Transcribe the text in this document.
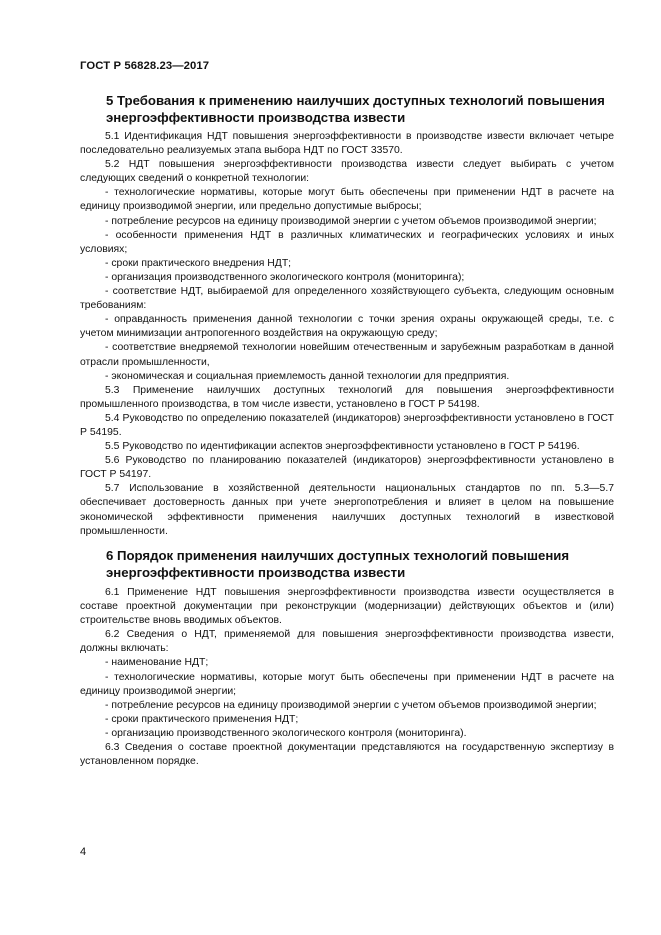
ГОСТ Р 56828.23—2017
5 Требования к применению наилучших доступных технологий повышения энергоэффективности производства извести

5.1 Идентификация НДТ повышения энергоэффективности в производстве извести включает четыре последовательно реализуемых этапа выбора НДТ по ГОСТ 33570.

5.2 НДТ повышения энергоэффективности производства извести следует выбирать с учетом следующих сведений о конкретной технологии:

- технологические нормативы, которые могут быть обеспечены при применении НДТ в расчете на единицу производимой энергии, или предельно допустимые выбросы;

- потребление ресурсов на единицу производимой энергии с учетом объемов производимой энергии;

- особенности применения НДТ в различных климатических и географических условиях и иных условиях;

- сроки практического внедрения НДТ;

- организация производственного экологического контроля (мониторинга);

- соответствие НДТ, выбираемой для определенного хозяйствующего субъекта, следующим основным требованиям:

- оправданность применения данной технологии с точки зрения охраны окружающей среды, т.е. с учетом минимизации антропогенного воздействия на окружающую среду;

- соответствие внедряемой технологии новейшим отечественным и зарубежным разработкам в данной отрасли промышленности,

- экономическая и социальная приемлемость данной технологии для предприятия.

5.3 Применение наилучших доступных технологий для повышения энергоэффективности промышленного производства, в том числе извести, установлено в ГОСТ Р 54198.

5.4 Руководство по определению показателей (индикаторов) энергоэффективности установлено в ГОСТ Р 54195.

5.5 Руководство по идентификации аспектов энергоэффективности установлено в ГОСТ Р 54196.

5.6 Руководство по планированию показателей (индикаторов) энергоэффективности установлено в ГОСТ Р 54197.

5.7 Использование в хозяйственной деятельности национальных стандартов по пп. 5.3—5.7 обеспечивает достоверность данных при учете энергопотребления и влияет в целом на повышение экономической эффективности применения наилучших доступных технологий в известковой промышленности.

6 Порядок применения наилучших доступных технологий повышения энергоэффективности производства извести

6.1 Применение НДТ повышения энергоэффективности производства извести осуществляется в составе проектной документации при реконструкции (модернизации) действующих объектов и (или) строительстве вновь вводимых объектов.

6.2 Сведения о НДТ, применяемой для повышения энергоэффективности производства извести, должны включать:

- наименование НДТ;

- технологические нормативы, которые могут быть обеспечены при применении НДТ в расчете на единицу производимой энергии;

- потребление ресурсов на единицу производимой энергии с учетом объемов производимой энергии;

- сроки практического применения НДТ;

- организацию производственного экологического контроля (мониторинга).

6.3 Сведения о составе проектной документации представляются на государственную экспертизу в установленном порядке.

4
